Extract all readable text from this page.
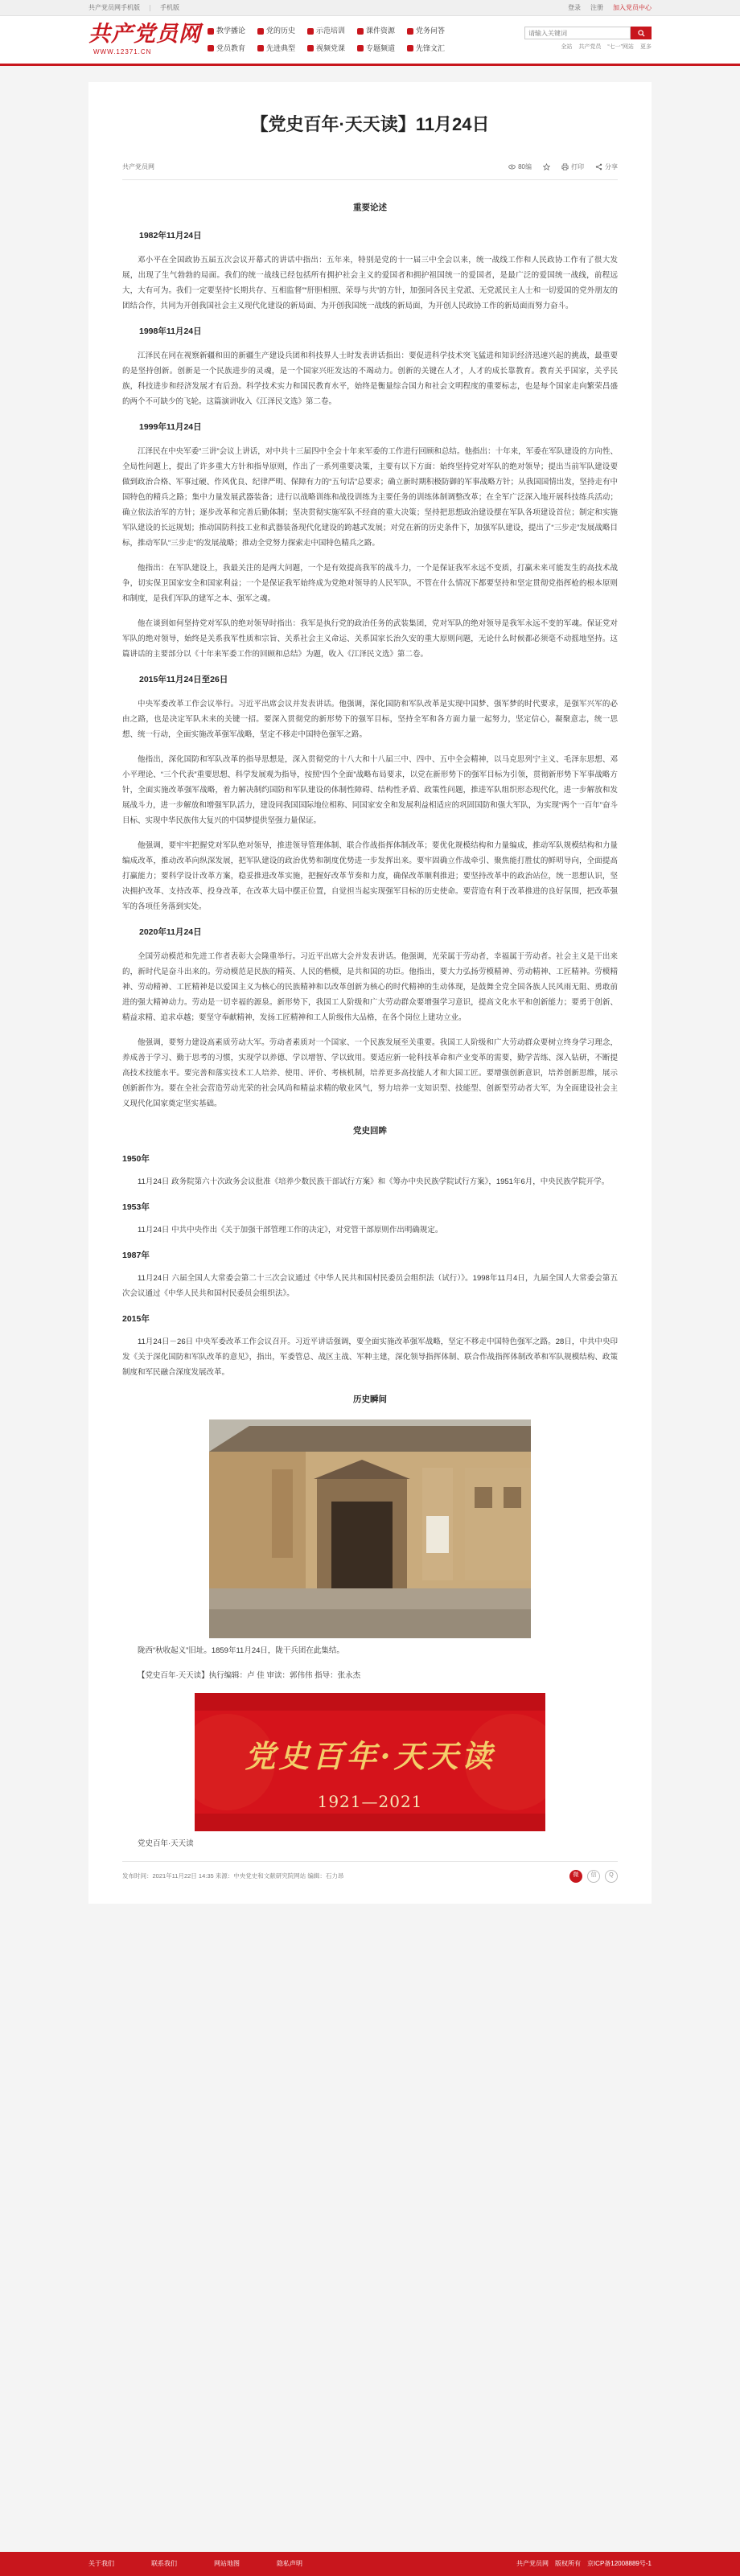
共产党员网手机版	手机版	登录 注册 加入党员中心
共产党员网
WWW.12371.CN
教学播论	党的历史	示范培训	课件资源	党务问答
党员教育	先进典型	视频党课	专题频道	先锋文汇
请输入关键词	全站 共产党员 “七一”网站 更多
【党史百年·天天读】11月24日
共产党员网	80编	打印	分享

重要论述

1982年11月24日

邓小平在全国政协五届五次会议开幕式的讲话中指出：五年来，特别是党的十一届三中全会以来，统一战线工作和人民政协工作有了很大发展，出现了生气勃勃的局面。我们的统一战线已经包括所有拥护社会主义的爱国者和拥护祖国统一的爱国者，是最广泛的爱国统一战线，前程远大，大有可为。我们一定要坚持“长期共存、互相监督”“肝胆相照、荣辱与共”的方针，加强同各民主党派、无党派民主人士和一切爱国的党外朋友的团结合作，共同为开创我国社会主义现代化建设的新局面、为开创我国统一战线的新局面，为开创人民政协工作的新局面而努力奋斗。

1998年11月24日

江泽民在同在视察新疆和田的新疆生产建设兵团和科技界人士时发表讲话指出：要促进科学技术突飞猛进和知识经济迅速兴起的挑战，最重要的是坚持创新。创新是一个民族进步的灵魂，是一个国家兴旺发达的不竭动力。创新的关键在人才，人才的成长靠教育。教育关乎国家，关乎民族，科技进步和经济发展才有后劲。科学技术实力和国民教育水平，始终是衡量综合国力和社会文明程度的重要标志，也是每个国家走向繁荣昌盛的两个不可缺少的飞轮。这篇演讲收入《江泽民文选》第二卷。

1999年11月24日

江泽民在中央军委“三讲”会议上讲话，对中共十三届四中全会十年来军委的工作进行回顾和总结。他指出：十年来，军委在军队建设的方向性、全局性问题上，提出了许多重大方针和指导原则，作出了一系列重要决策，主要有以下方面：始终坚持党对军队的绝对领导；提出当前军队建设要做到政治合格、军事过硬、作风优良、纪律严明、保障有力的“五句话”总要求；确立新时期积极防御的军事战略方针；从我国国情出发，坚持走有中国特色的精兵之路；集中力量发展武器装备；进行以战略训练和战役训练为主要任务的训练体制调整改革；在全军广泛深入地开展科技练兵活动；确立依法治军的方针；逐步改革和完善后勤体制；坚决贯彻实施军队不经商的重大决策；坚持把思想政治建设摆在军队各项建设首位；制定和实施军队建设的长远规划；推动国防科技工业和武器装备现代化建设的跨越式发展；对党在新的历史条件下，加强军队建设，提出了“三步走”发展战略目标，推动军队“三步走”的发展战略；推动全党努力探索走中国特色精兵之路。

他指出：在军队建设上，我最关注的是两大问题，一个是有效提高我军的战斗力，一个是保证我军永远不变质，打赢未来可能发生的高技术战争，切实保卫国家安全和国家利益；一个是保证我军始终成为党绝对领导的人民军队，不管在什么情况下都要坚持和坚定贯彻党指挥枪的根本原则和制度，是我们军队的建军之本、强军之魂。

他在谈到如何坚持党对军队的绝对领导时指出：我军是执行党的政治任务的武装集团，党对军队的绝对领导是我军永远不变的军魂。保证党对军队的绝对领导，始终是关系我军性质和宗旨、关系社会主义命运、关系国家长治久安的重大原则问题，无论什么时候都必须毫不动摇地坚持。这篇讲话的主要部分以《十年来军委工作的回顾和总结》为题，收入《江泽民文选》第二卷。

2015年11月24日至26日

中央军委改革工作会议举行。习近平出席会议并发表讲话。他强调，深化国防和军队改革是实现中国梦、强军梦的时代要求，是强军兴军的必由之路，也是决定军队未来的关键一招。要深入贯彻党的新形势下的强军目标，坚持全军和各方面力量一起努力，坚定信心，凝聚意志，统一思想、统一行动，全面实施改革强军战略，坚定不移走中国特色强军之路。

他指出，深化国防和军队改革的指导思想是，深入贯彻党的十八大和十八届三中、四中、五中全会精神，以马克思列宁主义、毛泽东思想、邓小平理论、“三个代表”重要思想、科学发展观为指导，按照“四个全面”战略布局要求，以党在新形势下的强军目标为引领，贯彻新形势下军事战略方针，全面实施改革强军战略，着力解决制约国防和军队建设的体制性障碍、结构性矛盾、政策性问题，推进军队组织形态现代化，进一步解放和发展战斗力，进一步解放和增强军队活力，建设同我国国际地位相称、同国家安全和发展利益相适应的巩固国防和强大军队，为实现“两个一百年”奋斗目标、实现中华民族伟大复兴的中国梦提供坚强力量保证。

他强调，要牢牢把握党对军队绝对领导，推进领导管理体制、联合作战指挥体制改革；要优化规模结构和力量编成，推动军队规模结构和力量编成改革，推动改革向纵深发展，把军队建设的政治优势和制度优势进一步发挥出来。要牢固确立作战牵引、聚焦能打胜仗的鲜明导向，全面提高打赢能力；要科学设计改革方案，稳妥推进改革实施，把握好改革节奏和力度，确保改革顺利推进；要坚持改革中的政治站位，统一思想认识，坚决拥护改革、支持改革、投身改革，在改革大局中摆正位置，自觉担当起实现强军目标的历史使命。要营造有利于改革推进的良好氛围，把改革强军的各项任务落到实处。

2020年11月24日

全国劳动模范和先进工作者表彰大会隆重举行。习近平出席大会并发表讲话。他强调，光荣属于劳动者，幸福属于劳动者。社会主义是干出来的，新时代是奋斗出来的。劳动模范是民族的精英、人民的楷模，是共和国的功臣。他指出，要大力弘扬劳模精神、劳动精神、工匠精神。劳模精神、劳动精神、工匠精神是以爱国主义为核心的民族精神和以改革创新为核心的时代精神的生动体现，是鼓舞全党全国各族人民风雨无阻、勇敢前进的强大精神动力。劳动是一切幸福的源泉。新形势下，我国工人阶级和广大劳动群众要增强学习意识，提高文化水平和创新能力；要勇于创新、精益求精、追求卓越；要坚守奉献精神，发扬工匠精神和工人阶级伟大品格，在各个岗位上建功立业。

他强调，要努力建设高素质劳动大军。劳动者素质对一个国家、一个民族发展至关重要。我国工人阶级和广大劳动群众要树立终身学习理念，养成善于学习、勤于思考的习惯，实现学以养德、学以增智、学以致用。要适应新一轮科技革命和产业变革的需要，勤学苦练、深入钻研，不断提高技术技能水平。要完善和落实技术工人培养、使用、评价、考核机制，培养更多高技能人才和大国工匠。要增强创新意识，培养创新思维，展示创新新作为。要在全社会营造劳动光荣的社会风尚和精益求精的敬业风气，努力培养一支知识型、技能型、创新型劳动者大军，为全面建设社会主义现代化国家奠定坚实基础。

党史回眸

1950年

11月24日 政务院第六十次政务会议批准《培养少数民族干部试行方案》和《筹办中央民族学院试行方案》，1951年6月，中央民族学院开学。

1953年

11月24日 中共中央作出《关于加强干部管理工作的决定》，对党管干部原则作出明确规定。

1987年

11月24日 六届全国人大常委会第二十三次会议通过《中华人民共和国村民委员会组织法（试行）》。1998年11月4日，九届全国人大常委会第五次会议通过《中华人民共和国村民委员会组织法》。

2015年

11月24日－26日 中央军委改革工作会议召开。习近平讲话强调，要全面实施改革强军战略，坚定不移走中国特色强军之路。28日，中共中央印发《关于深化国防和军队改革的意见》，指出，军委管总、战区主战、军种主建，深化领导指挥体制、联合作战指挥体制改革和军队规模结构、政策制度和军民融合深度发展改革。

历史瞬间

陇西“秋收起义”旧址。1859年11月24日，陇干兵团在此集结。

【党史百年·天天读】执行编辑：卢 佳 审读：郭伟伟 指导：张永杰

党史百年·天天读
1921—2021

党史百年·天天读

发布时间：2021年11月22日 14:35 来源：中央党史和文献研究院网站 编辑：石力昂	微	信	Q
关于我们	联系我们	网站地图	隐私声明	共产党员网 版权所有 京ICP备12008889号-1
